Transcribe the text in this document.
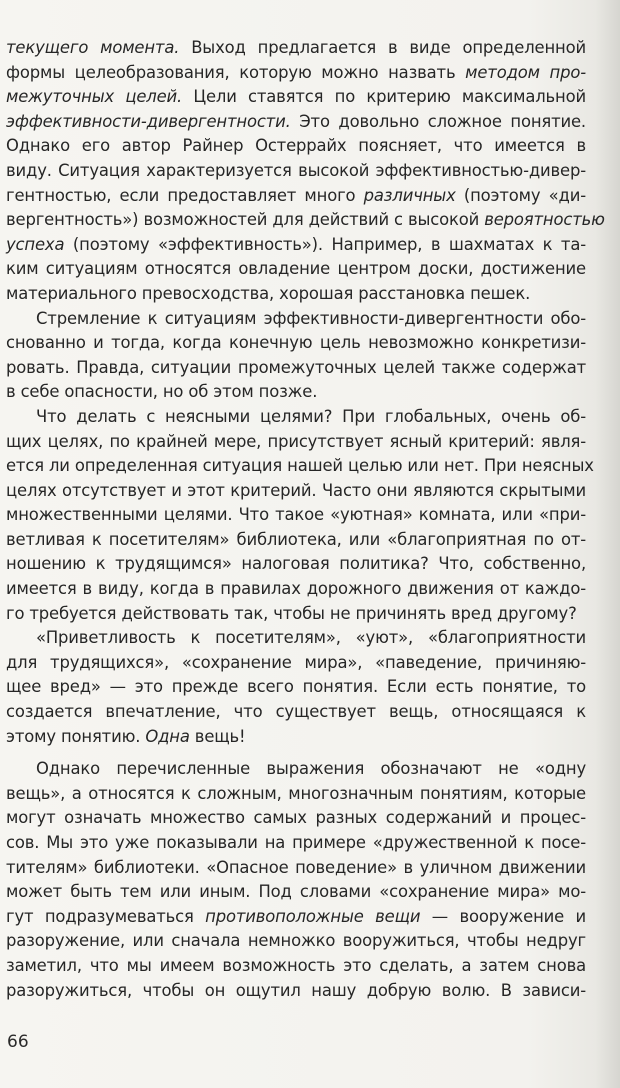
текущего момента. Выход предлагается в виде определенной
формы целеобразования, которую можно назвать методом про-
межуточных целей. Цели ставятся по критерию максимальной
эффективности-дивергентности. Это довольно сложное понятие.
Однако его автор Райнер Остеррайх поясняет, что имеется в
виду. Ситуация характеризуется высокой эффективностью-дивер-
гентностью, если предоставляет много различных (поэтому «ди-
вергентность») возможностей для действий с высокой вероятностью
успеха (поэтому «эффективность»). Например, в шахматах к та-
ким ситуациям относятся овладение центром доски, достижение
материального превосходства, хорошая расстановка пешек.
Стремление к ситуациям эффективности-дивергентности обо-
снованно и тогда, когда конечную цель невозможно конкретизи-
ровать. Правда, ситуации промежуточных целей также содержат
в себе опасности, но об этом позже.
Что делать с неясными целями? При глобальных, очень об-
щих целях, по крайней мере, присутствует ясный критерий: явля-
ется ли определенная ситуация нашей целью или нет. При неясных
целях отсутствует и этот критерий. Часто они являются скрытыми
множественными целями. Что такое «уютная» комната, или «при-
ветливая к посетителям» библиотека, или «благоприятная по от-
ношению к трудящимся» налоговая политика? Что, собственно,
имеется в виду, когда в правилах дорожного движения от каждо-
го требуется действовать так, чтобы не причинять вред другому?
«Приветливость к посетителям», «уют», «благоприятности
для трудящихся», «сохранение мира», «паведение, причиняю-
щее вред» — это прежде всего понятия. Если есть понятие, то
создается впечатление, что существует вещь, относящаяся к
этому понятию. Одна вещь!
Однако перечисленные выражения обозначают не «одну
вещь», а относятся к сложным, многозначным понятиям, которые
могут означать множество самых разных содержаний и процес-
сов. Мы это уже показывали на примере «дружественной к посе-
тителям» библиотеки. «Опасное поведение» в уличном движении
может быть тем или иным. Под словами «сохранение мира» мо-
гут подразумеваться противоположные вещи — вооружение и
разоружение, или сначала немножко вооружиться, чтобы недруг
заметил, что мы имеем возможность это сделать, а затем снова
разоружиться, чтобы он ощутил нашу добрую волю. В зависи-
66
